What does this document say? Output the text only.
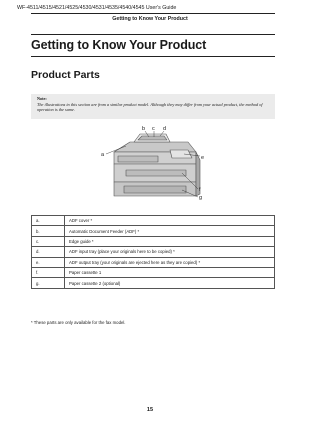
WF-4511/4515/4521/4525/4530/4531/4535/4540/4545 User's Guide
Getting to Know Your Product
Getting to Know Your Product
Product Parts
Note:
The illustrations in this section are from a similar product model. Although they may differ from your actual product, the method of operation is the same.
a
b c d
e
f
g
a.	ADF cover *
b.	Automatic Document Feeder (ADF) *
c.	Edge guide *
d.	ADF input tray (place your originals here to be copied) *
e.	ADF output tray (your originals are ejected here as they are copied) *
f.	Paper cassette 1
g.	Paper cassette 2 (optional)
* These parts are only available for the fax model.
15
